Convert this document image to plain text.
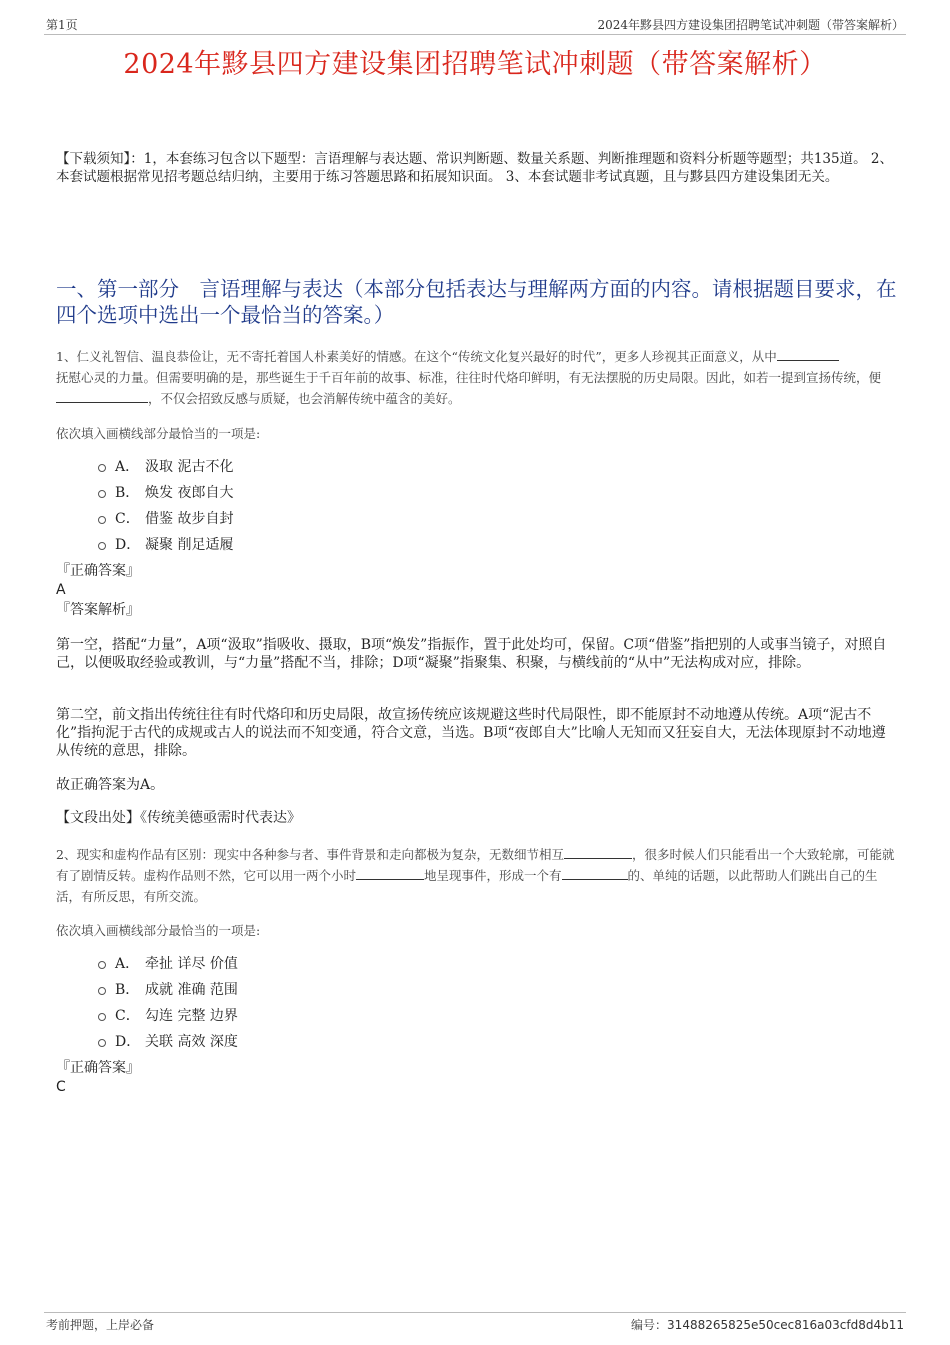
第1页	2024年黟县四方建设集团招聘笔试冲刺题（带答案解析）
2024年黟县四方建设集团招聘笔试冲刺题（带答案解析）
【下载须知】：1，本套练习包含以下题型：言语理解与表达题、常识判断题、数量关系题、判断推理题和资料分析题等题型；共135道。 2、本套试题根据常见招考题总结归纳，主要用于练习答题思路和拓展知识面。 3、本套试题非考试真题，且与黟县四方建设集团无关。
一、第一部分　言语理解与表达（本部分包括表达与理解两方面的内容。请根据题目要求，在四个选项中选出一个最恰当的答案。）
1、仁义礼智信、温良恭俭让，无不寄托着国人朴素美好的情感。在这个“传统文化复兴最好的时代”，更多人珍视其正面意义，从中
抚慰心灵的力量。但需要明确的是，那些诞生于千百年前的故事、标准，往往时代烙印鲜明，有无法摆脱的历史局限。因此，如若一提到宣扬传统，便，不仅会招致反感与质疑，也会消解传统中蕴含的美好。
依次填入画横线部分最恰当的一项是:
A． 汲取 泥古不化
B． 焕发 夜郎自大
C． 借鉴 故步自封
D． 凝聚 削足适履
『正确答案』
A
『答案解析』

第一空，搭配“力量”，A项“汲取”指吸收、摄取，B项“焕发”指振作，置于此处均可，保留。C项“借鉴”指把别的人或事当镜子，对照自己，以便吸取经验或教训，与“力量”搭配不当，排除；D项“凝聚”指聚集、积聚，与横线前的“从中”无法构成对应，排除。

第二空，前文指出传统往往有时代烙印和历史局限，故宣扬传统应该规避这些时代局限性，即不能原封不动地遵从传统。A项“泥古不化”指拘泥于古代的成规或古人的说法而不知变通，符合文意，当选。B项“夜郎自大”比喻人无知而又狂妄自大，无法体现原封不动地遵从传统的意思，排除。

故正确答案为A。

【文段出处】《传统美德亟需时代表达》
2、现实和虚构作品有区别：现实中各种参与者、事件背景和走向都极为复杂，无数细节相互	，很多时候人们只能看出一个大致轮廓，可能就有了剧情反转。虚构作品则不然，它可以用一两个小时	地呈现事件，形成一个有	的、单纯的话题，以此帮助人们跳出自己的生活，有所反思，有所交流。
依次填入画横线部分最恰当的一项是:
A． 牵扯 详尽 价值
B． 成就 准确 范围
C． 勾连 完整 边界
D． 关联 高效 深度
『正确答案』
C
考前押题，上岸必备	编号：31488265825e50cec816a03cfd8d4b11
